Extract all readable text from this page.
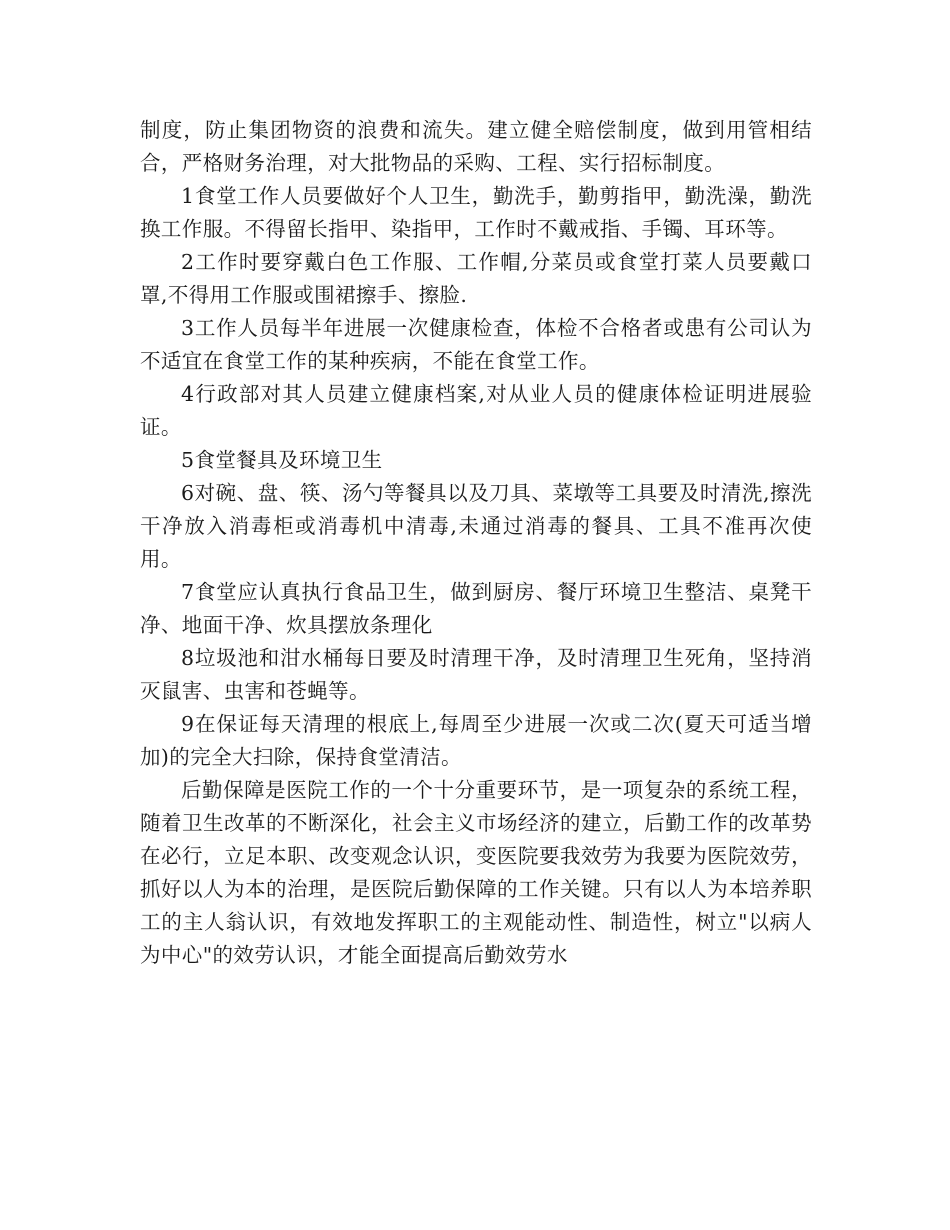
制度，防止集团物资的浪费和流失。建立健全赔偿制度，做到用管相结合，严格财务治理，对大批物品的采购、工程、实行招标制度。

1食堂工作人员要做好个人卫生，勤洗手，勤剪指甲，勤洗澡，勤洗换工作服。不得留长指甲、染指甲，工作时不戴戒指、手镯、耳环等。

2工作时要穿戴白色工作服、工作帽,分菜员或食堂打菜人员要戴口罩,不得用工作服或围裙擦手、擦脸.

3工作人员每半年进展一次健康检查，体检不合格者或患有公司认为不适宜在食堂工作的某种疾病，不能在食堂工作。

4行政部对其人员建立健康档案,对从业人员的健康体检证明进展验证。

5食堂餐具及环境卫生

6对碗、盘、筷、汤勺等餐具以及刀具、菜墩等工具要及时清洗,擦洗干净放入消毒柜或消毒机中清毒,未通过消毒的餐具、工具不准再次使用。

7食堂应认真执行食品卫生，做到厨房、餐厅环境卫生整洁、桌凳干净、地面干净、炊具摆放条理化

8垃圾池和泔水桶每日要及时清理干净，及时清理卫生死角，坚持消灭鼠害、虫害和苍蝇等。

9在保证每天清理的根底上,每周至少进展一次或二次(夏天可适当增加)的完全大扫除，保持食堂清洁。

后勤保障是医院工作的一个十分重要环节，是一项复杂的系统工程，随着卫生改革的不断深化，社会主义市场经济的建立，后勤工作的改革势在必行，立足本职、改变观念认识，变医院要我效劳为我要为医院效劳，抓好以人为本的治理，是医院后勤保障的工作关键。只有以人为本培养职工的主人翁认识，有效地发挥职工的主观能动性、制造性，树立"以病人为中心"的效劳认识，才能全面提高后勤效劳水
